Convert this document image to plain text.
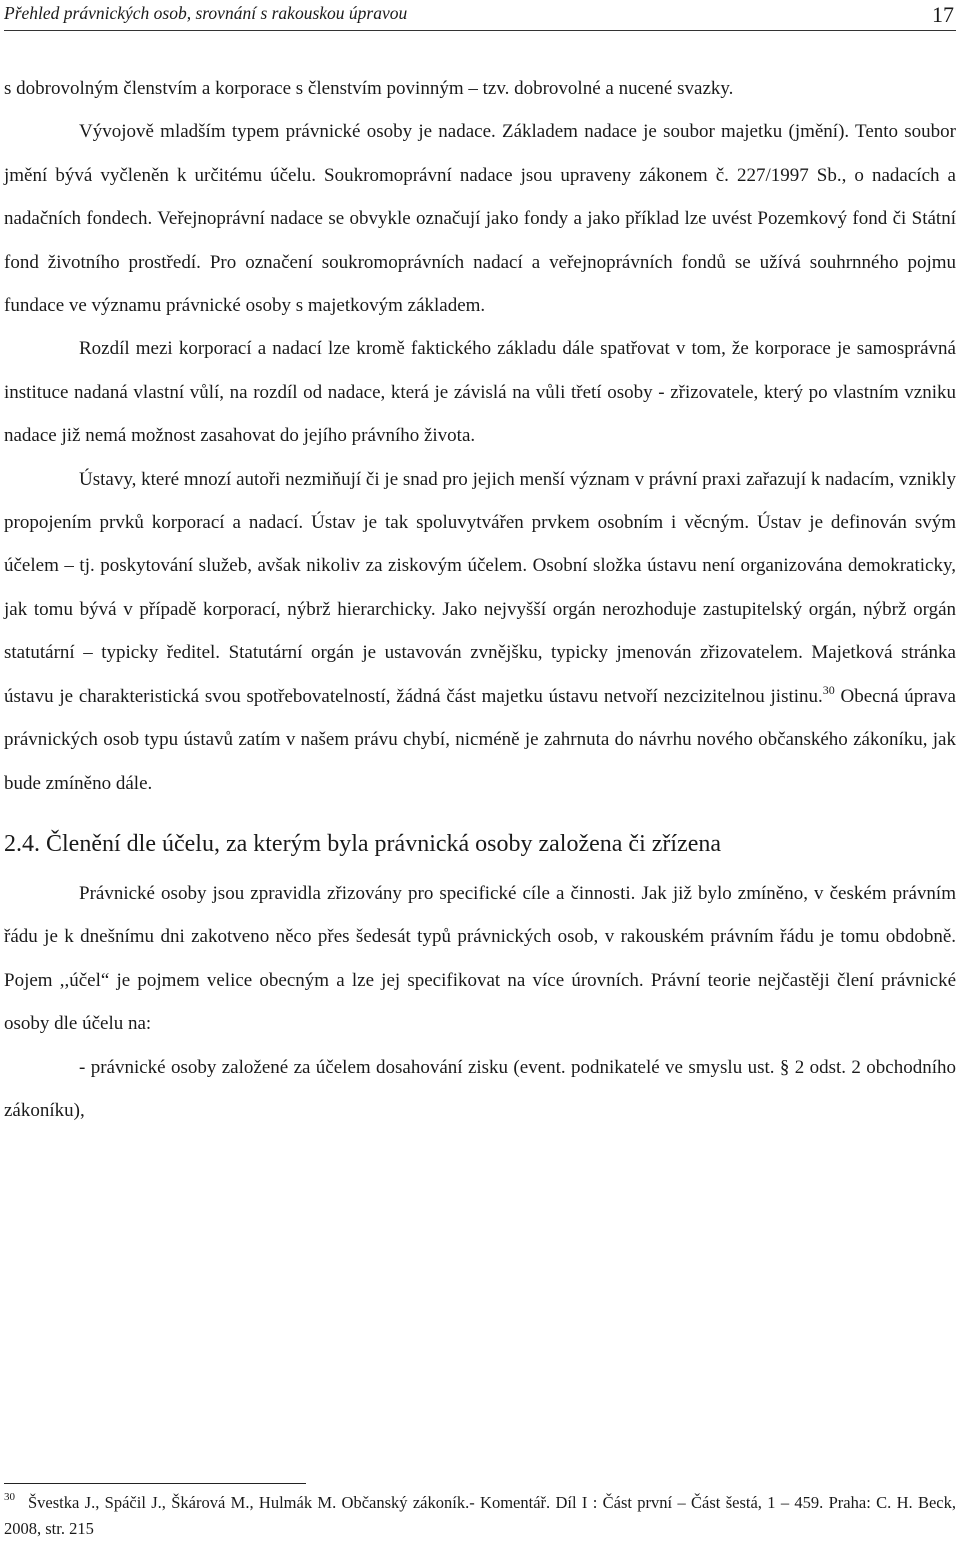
Přehled právnických osob, srovnání s rakouskou úpravou	17

s dobrovolným členstvím a korporace s členstvím povinným – tzv. dobrovolné a nucené svazky.

Vývojově mladším typem právnické osoby je nadace. Základem nadace je soubor majetku (jmění). Tento soubor jmění bývá vyčleněn k určitému účelu. Soukromoprávní nadace jsou upraveny zákonem č. 227/1997 Sb., o nadacích a nadačních fondech. Veřejnoprávní nadace se obvykle označují jako fondy a jako příklad lze uvést Pozemkový fond či Státní fond životního prostředí. Pro označení soukromoprávních nadací a veřejnoprávních fondů se užívá souhrnného pojmu fundace ve významu právnické osoby s majetkovým základem.

Rozdíl mezi korporací a nadací lze kromě faktického základu dále spatřovat v tom, že korporace je samosprávná instituce nadaná vlastní vůlí, na rozdíl od nadace, která je závislá na vůli třetí osoby - zřizovatele, který po vlastním vzniku nadace již nemá možnost zasahovat do jejího právního života.

Ústavy, které mnozí autoři nezmiňují či je snad pro jejich menší význam v právní praxi zařazují k nadacím, vznikly propojením prvků korporací a nadací. Ústav je tak spoluvytvářen prvkem osobním i věcným. Ústav je definován svým účelem – tj. poskytování služeb, avšak nikoliv za ziskovým účelem. Osobní složka ústavu není organizována demokraticky, jak tomu bývá v případě korporací, nýbrž hierarchicky. Jako nejvyšší orgán nerozhoduje zastupitelský orgán, nýbrž orgán statutární – typicky ředitel. Statutární orgán je ustavován zvnějšku, typicky jmenován zřizovatelem. Majetková stránka ústavu je charakteristická svou spotřebovatelností, žádná část majetku ústavu netvoří nezcizitelnou jistinu.$^{30}$ Obecná úprava právnických osob typu ústavů zatím v našem právu chybí, nicméně je zahrnuta do návrhu nového občanského zákoníku, jak bude zmíněno dále.

2.4. Členění dle účelu, za kterým byla právnická osoby založena či zřízena

Právnické osoby jsou zpravidla zřizovány pro specifické cíle a činnosti. Jak již bylo zmíněno, v českém právním řádu je k dnešnímu dni zakotveno něco přes šedesát typů právnických osob, v rakouském právním řádu je tomu obdobně. Pojem ,,účel“ je pojmem velice obecným a lze jej specifikovat na více úrovních. Právní teorie nejčastěji člení právnické osoby dle účelu na:

- právnické osoby založené za účelem dosahování zisku (event. podnikatelé ve smyslu ust. § 2 odst. 2 obchodního zákoníku),

30 Švestka J., Spáčil J., Škárová M., Hulmák M. Občanský zákoník.- Komentář. Díl I : Část první – Část šestá, 1 – 459. Praha: C. H. Beck, 2008, str. 215
